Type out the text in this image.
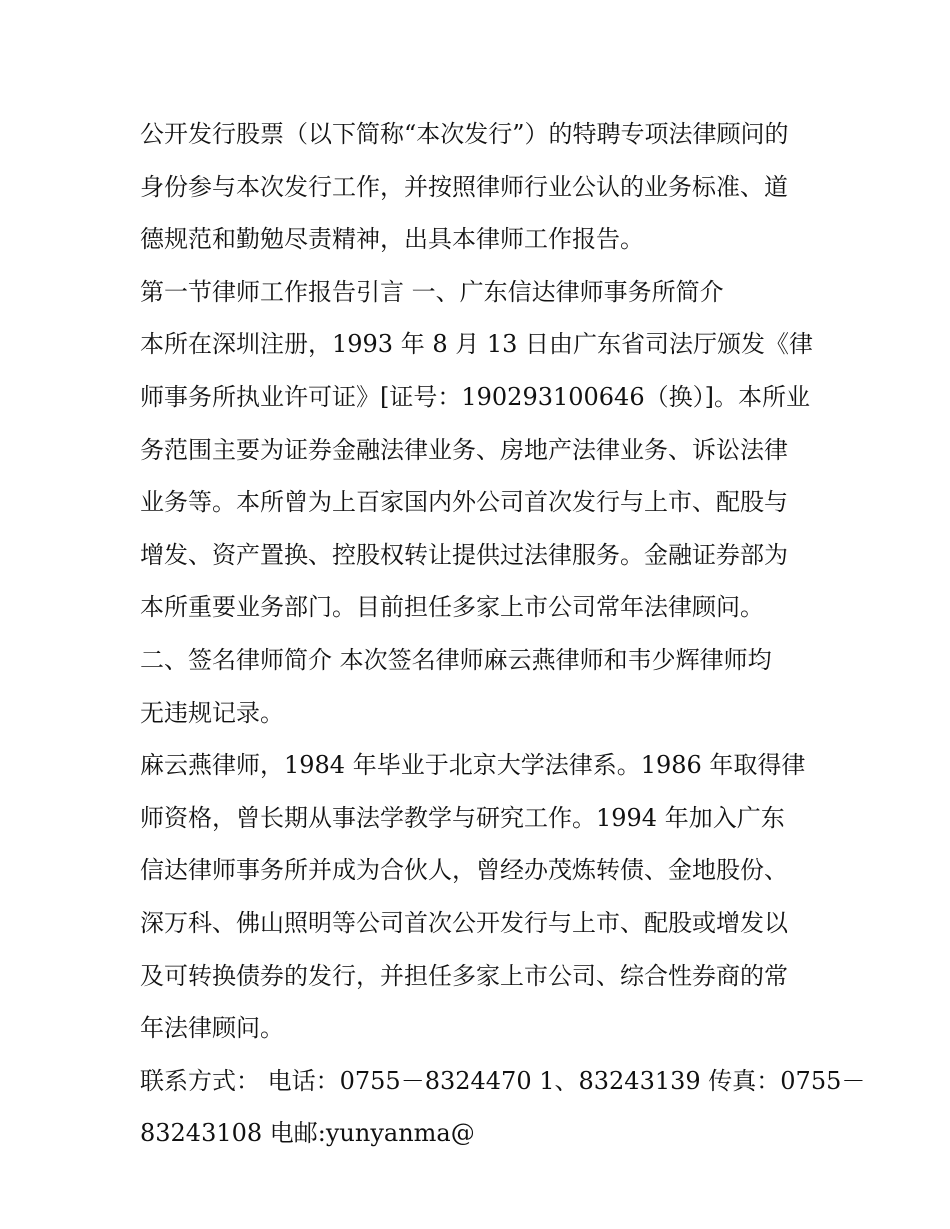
公开发行股票（以下简称“本次发行”）的特聘专项法律顾问的
身份参与本次发行工作，并按照律师行业公认的业务标准、道
德规范和勤勉尽责精神，出具本律师工作报告。
第一节律师工作报告引言 一、广东信达律师事务所简介
本所在深圳注册，1993 年 8 月 13 日由广东省司法厅颁发《律
师事务所执业许可证》[证号：190293100646（换）]。本所业
务范围主要为证券金融法律业务、房地产法律业务、诉讼法律
业务等。本所曾为上百家国内外公司首次发行与上市、配股与
增发、资产置换、控股权转让提供过法律服务。金融证券部为
本所重要业务部门。目前担任多家上市公司常年法律顾问。
二、签名律师简介 本次签名律师麻云燕律师和韦少辉律师均
无违规记录。
麻云燕律师，1984 年毕业于北京大学法律系。1986 年取得律
师资格，曾长期从事法学教学与研究工作。1994 年加入广东
信达律师事务所并成为合伙人，曾经办茂炼转债、金地股份、
深万科、佛山照明等公司首次公开发行与上市、配股或增发以
及可转换债券的发行，并担任多家上市公司、综合性券商的常
年法律顾问。
联系方式： 电话：0755－8324470 1、83243139 传真：0755－
83243108 电邮:yunyanma@
